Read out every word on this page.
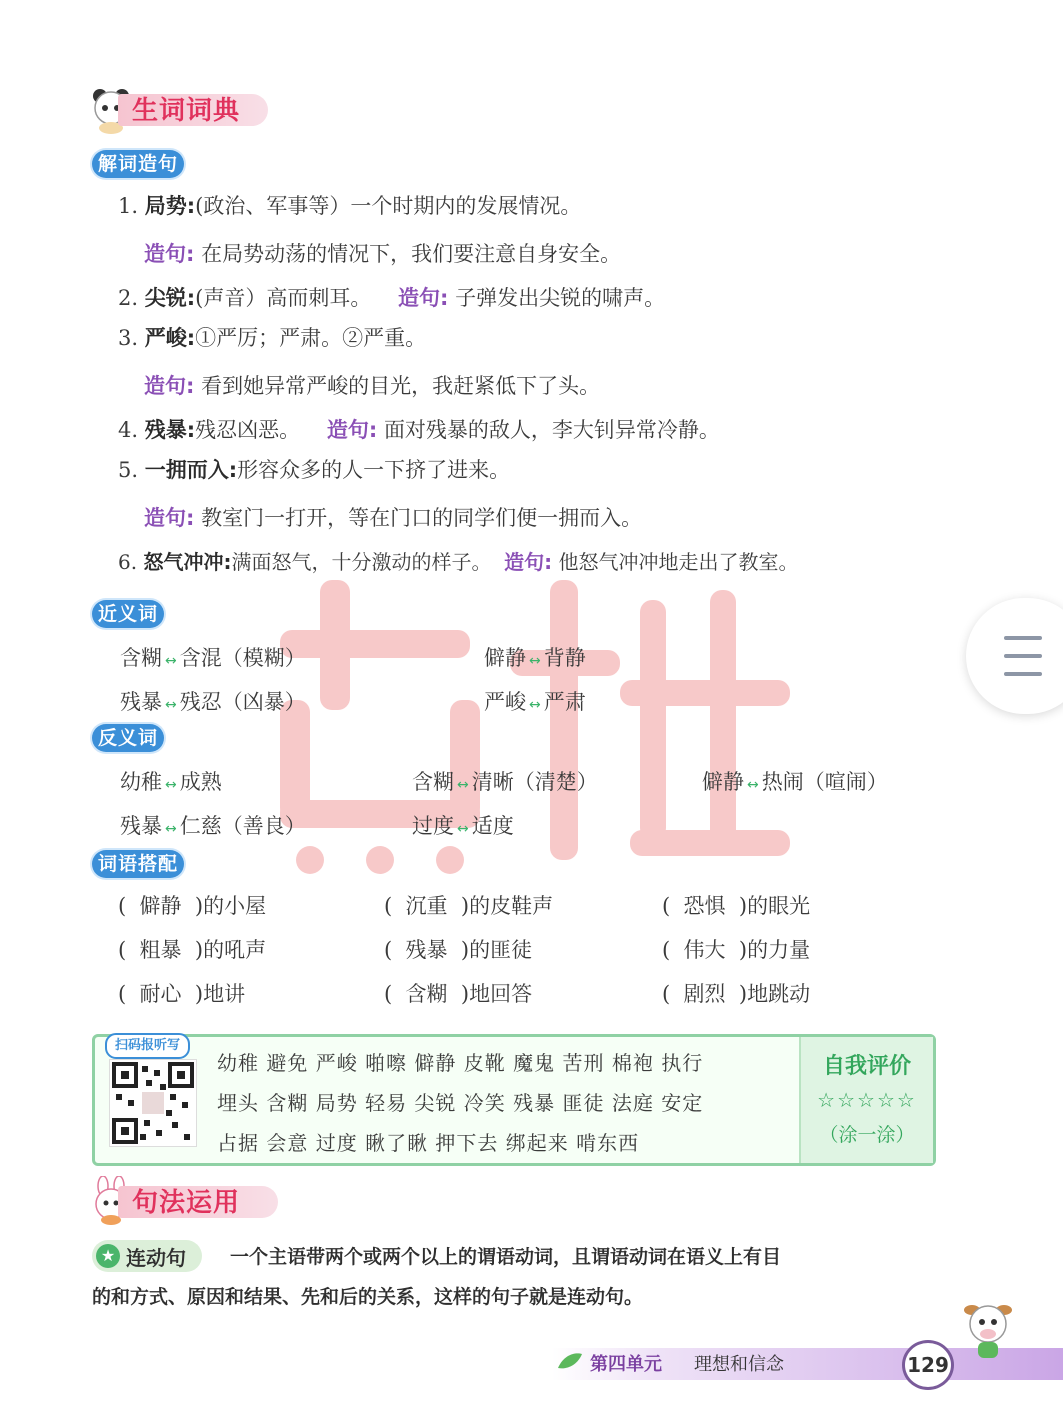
生词词典
解词造句
1. 局势:(政治、军事等）一个时期内的发展情况。
造句: 在局势动荡的情况下，我们要注意自身安全。
2. 尖锐:(声音）高而刺耳。 造句: 子弹发出尖锐的啸声。
3. 严峻:①严厉；严肃。②严重。
造句: 看到她异常严峻的目光，我赶紧低下了头。
4. 残暴:残忍凶恶。 造句: 面对残暴的敌人，李大钊异常冷静。
5. 一拥而入:形容众多的人一下挤了进来。
造句: 教室门一打开，等在门口的同学们便一拥而入。
6. 怒气冲冲:满面怒气，十分激动的样子。 造句: 他怒气冲冲地走出了教室。
近义词
含糊 ↔ 含混（模糊）	僻静 ↔ 背静
残暴 ↔ 残忍（凶暴）	严峻 ↔ 严肃
反义词
幼稚 ↔ 成熟	含糊 ↔ 清晰（清楚）	僻静 ↔ 热闹（喧闹）
残暴 ↔ 仁慈（善良）	过度 ↔ 适度
词语搭配
(  僻静  )的小屋	(  沉重  )的皮鞋声	(  恐惧  )的眼光
(  粗暴  )的吼声	(  残暴  )的匪徒	(  伟大  )的力量
(  耐心  )地讲	(  含糊  )地回答	(  剧烈  )地跳动
扫码报听写
幼稚 避免 严峻 啪嚓 僻静 皮靴 魔鬼 苦刑 棉袍 执行
埋头 含糊 局势 轻易 尖锐 冷笑 残暴 匪徒 法庭 安定
占据 会意 过度 瞅了瞅 押下去 绑起来 啃东西
自我评价
☆☆☆☆☆
（涂一涂）
句法运用
★ 连动句 一个主语带两个或两个以上的谓语动词，且谓语动词在语义上有目
的和方式、原因和结果、先和后的关系，这样的句子就是连动句。
第四单元 理想和信念	129
